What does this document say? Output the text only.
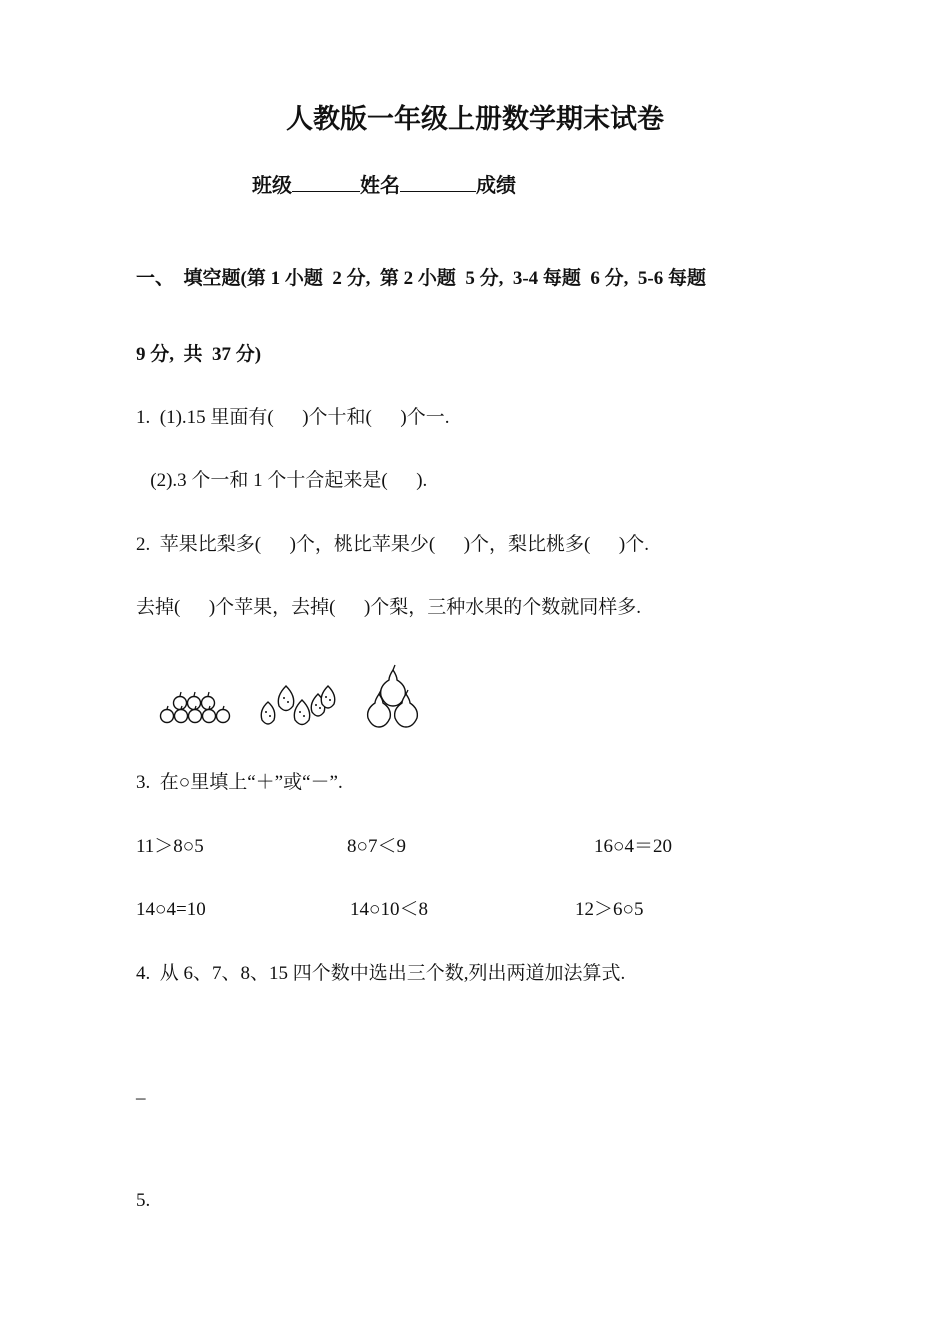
人教版一年级上册数学期末试卷
班级	姓名	成绩
一、  填空题(第 1 小题  2 分,  第 2 小题  5 分,  3-4 每题  6 分,  5-6 每题
9 分,  共  37 分)
1.  (1).15 里面有(      )个十和(      )个一.
(2).3 个一和 1 个十合起来是(      ).
2.  苹果比梨多(      )个，桃比苹果少(      )个，梨比桃多(      )个.
去掉(      )个苹果，去掉(      )个梨，三种水果的个数就同样多.
3.  在○里填上“＋”或“－”.
11＞8○5	8○7＜9	16○4＝20
14○4=10	14○10＜8	12＞6○5
4.  从 6、7、8、15 四个数中选出三个数,列出两道加法算式.
_
5.
